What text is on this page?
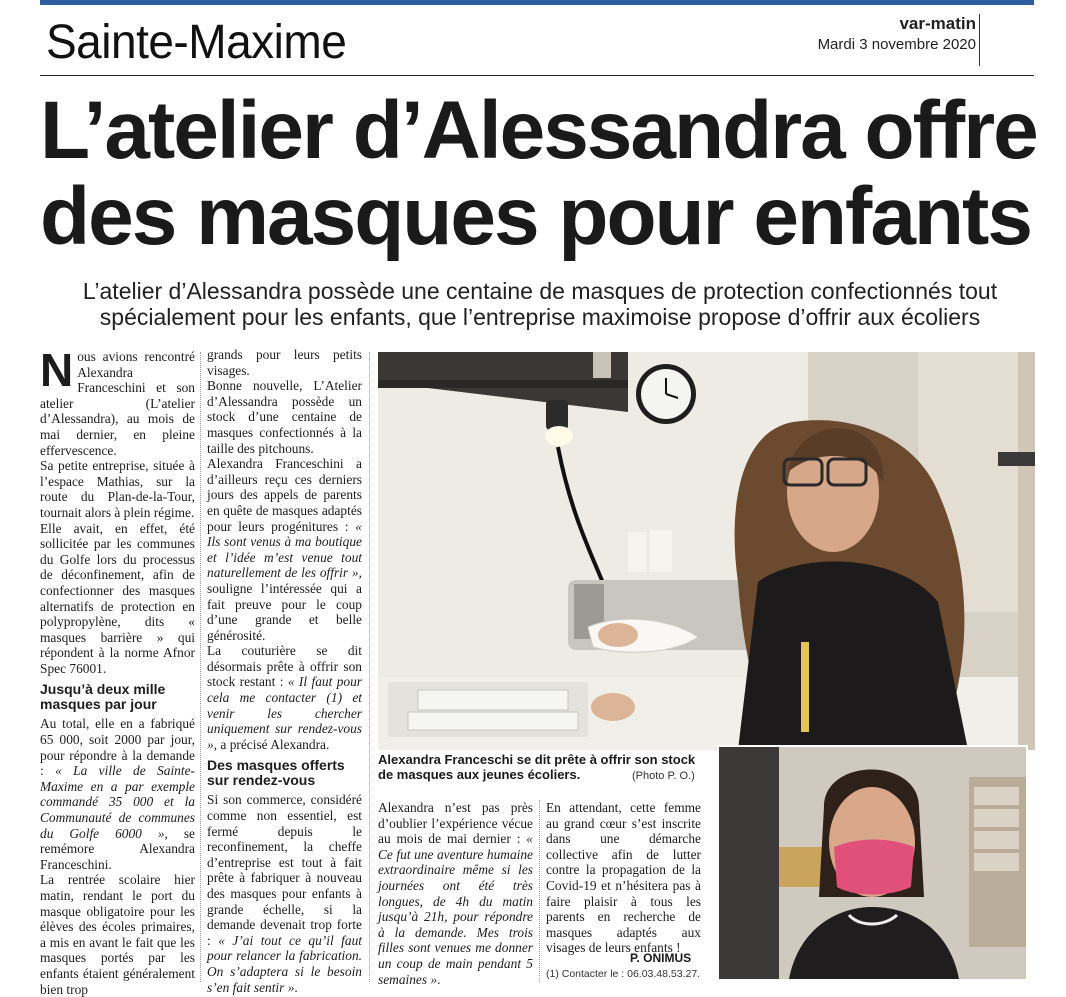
Sainte-Maxime	var-matin
Mardi 3 novembre 2020
L’atelier d’Alessandra offre des masques pour enfants
L’atelier d’Alessandra possède une centaine de masques de protection confectionnés tout spécialement pour les enfants, que l’entreprise maximoise propose d’offrir aux écoliers

Nous avions rencontré Alexandra Franceschini et son atelier (L’atelier d’Alessandra), au mois de mai dernier, en pleine effervescence.

Sa petite entreprise, située à l’espace Mathias, sur la route du Plan-de-la-Tour, tournait alors à plein régime.

Elle avait, en effet, été sollicitée par les communes du Golfe lors du processus de déconfinement, afin de confectionner des masques alternatifs de protection en polypropylène, dits « masques barrière » qui répondent à la norme Afnor Spec 76001.

Jusqu’à deux mille masques par jour

Au total, elle en a fabriqué 65 000, soit 2000 par jour, pour répondre à la demande : « La ville de Sainte-Maxime en a par exemple commandé 35 000 et la Communauté de communes du Golfe 6000 », se remémore Alexandra Franceschini.

La rentrée scolaire hier matin, rendant le port du masque obligatoire pour les élèves des écoles primaires, a mis en avant le fait que les masques portés par les enfants étaient généralement bien trop

grands pour leurs petits visages.

Bonne nouvelle, L’Atelier d’Alessandra possède un stock d’une centaine de masques confectionnés à la taille des pitchouns.

Alexandra Franceschini a d’ailleurs reçu ces derniers jours des appels de parents en quête de masques adaptés pour leurs progénitures : « Ils sont venus à ma boutique et l’idée m’est venue tout naturellement de les offrir », souligne l’intéressée qui a fait preuve pour le coup d’une grande et belle générosité.

La couturière se dit désormais prête à offrir son stock restant : « Il faut pour cela me contacter (1) et venir les chercher uniquement sur rendez-vous », a précisé Alexandra.

Des masques offerts sur rendez-vous

Si son commerce, considéré comme non essentiel, est fermé depuis le reconfinement, la cheffe d’entreprise est tout à fait prête à fabriquer à nouveau des masques pour enfants à grande échelle, si la demande devenait trop forte : « J’ai tout ce qu’il faut pour relancer la fabrication. On s’adaptera si le besoin s’en fait sentir ».

Alexandra Franceschi se dit prête à offrir son stock de masques aux jeunes écoliers.	(Photo P. O.)

Alexandra n’est pas près d’oublier l’expérience vécue au mois de mai dernier : « Ce fut une aventure humaine extraordinaire même si les journées ont été très longues, de 4h du matin jusqu’à 21h, pour répondre à la demande. Mes trois filles sont venues me donner un coup de main pendant 5 semaines ».

En attendant, cette femme au grand cœur s’est inscrite dans une démarche collective afin de lutter contre la propagation de la Covid-19 et n’hésitera pas à faire plaisir à tous les parents en recherche de masques adaptés aux visages de leurs enfants !

P. ONIMUS
(1) Contacter le : 06.03.48.53.27.
